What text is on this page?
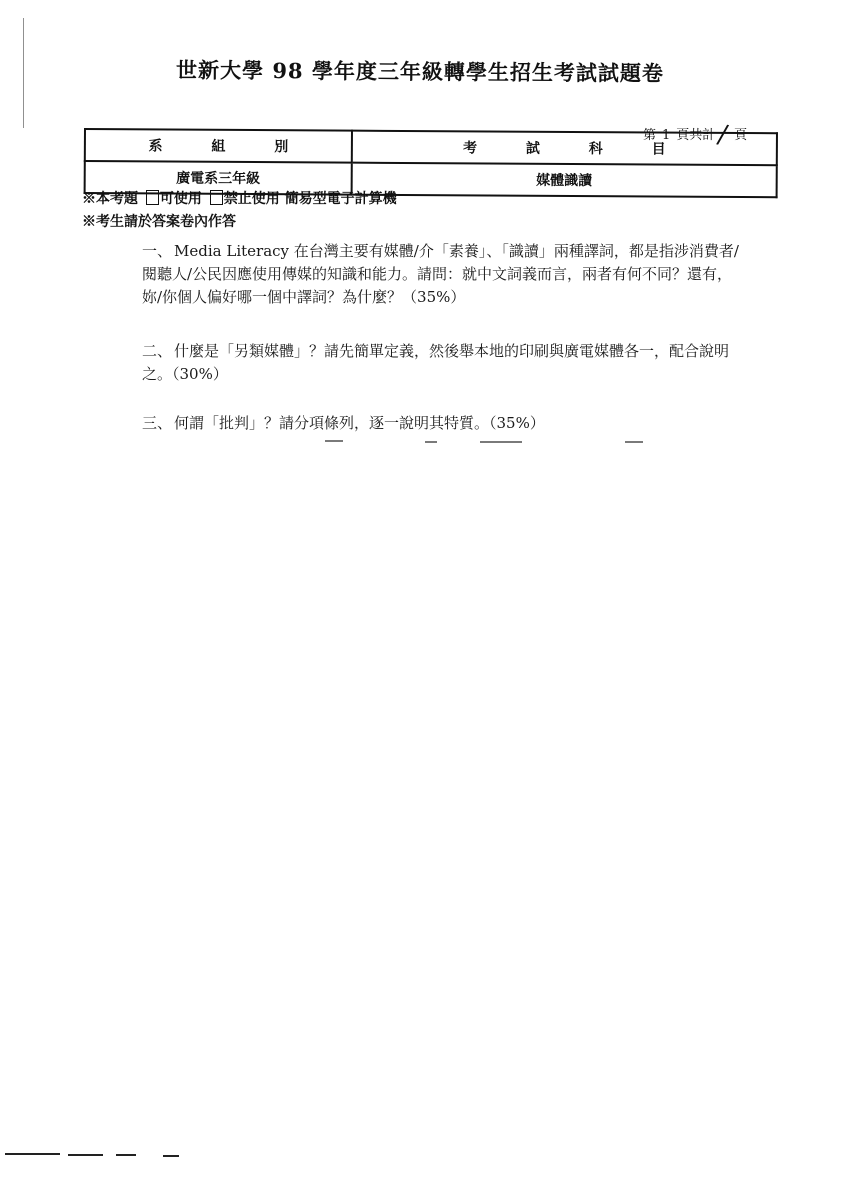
世新大學 98 學年度三年級轉學生招生考試試題卷
第 1 頁共計/ 頁
系 組 別	考 試 科 目
廣電系三年級	媒體識讀
※本考題 可使用 禁止使用 簡易型電子計算機
※考生請於答案卷內作答
一、 Media Literacy 在台灣主要有媒體/介「素養」、「識讀」兩種譯詞，都是指涉消費者/閱聽人/公民因應使用傳媒的知識和能力。請問：就中文詞義而言，兩者有何不同？還有，妳/你個人偏好哪一個中譯詞？為什麼？（35%）
二、 什麼是「另類媒體」？請先簡單定義，然後舉本地的印刷與廣電媒體各一，配合說明之。（30%）
三、 何謂「批判」？請分項條列，逐一說明其特質。（35%）
